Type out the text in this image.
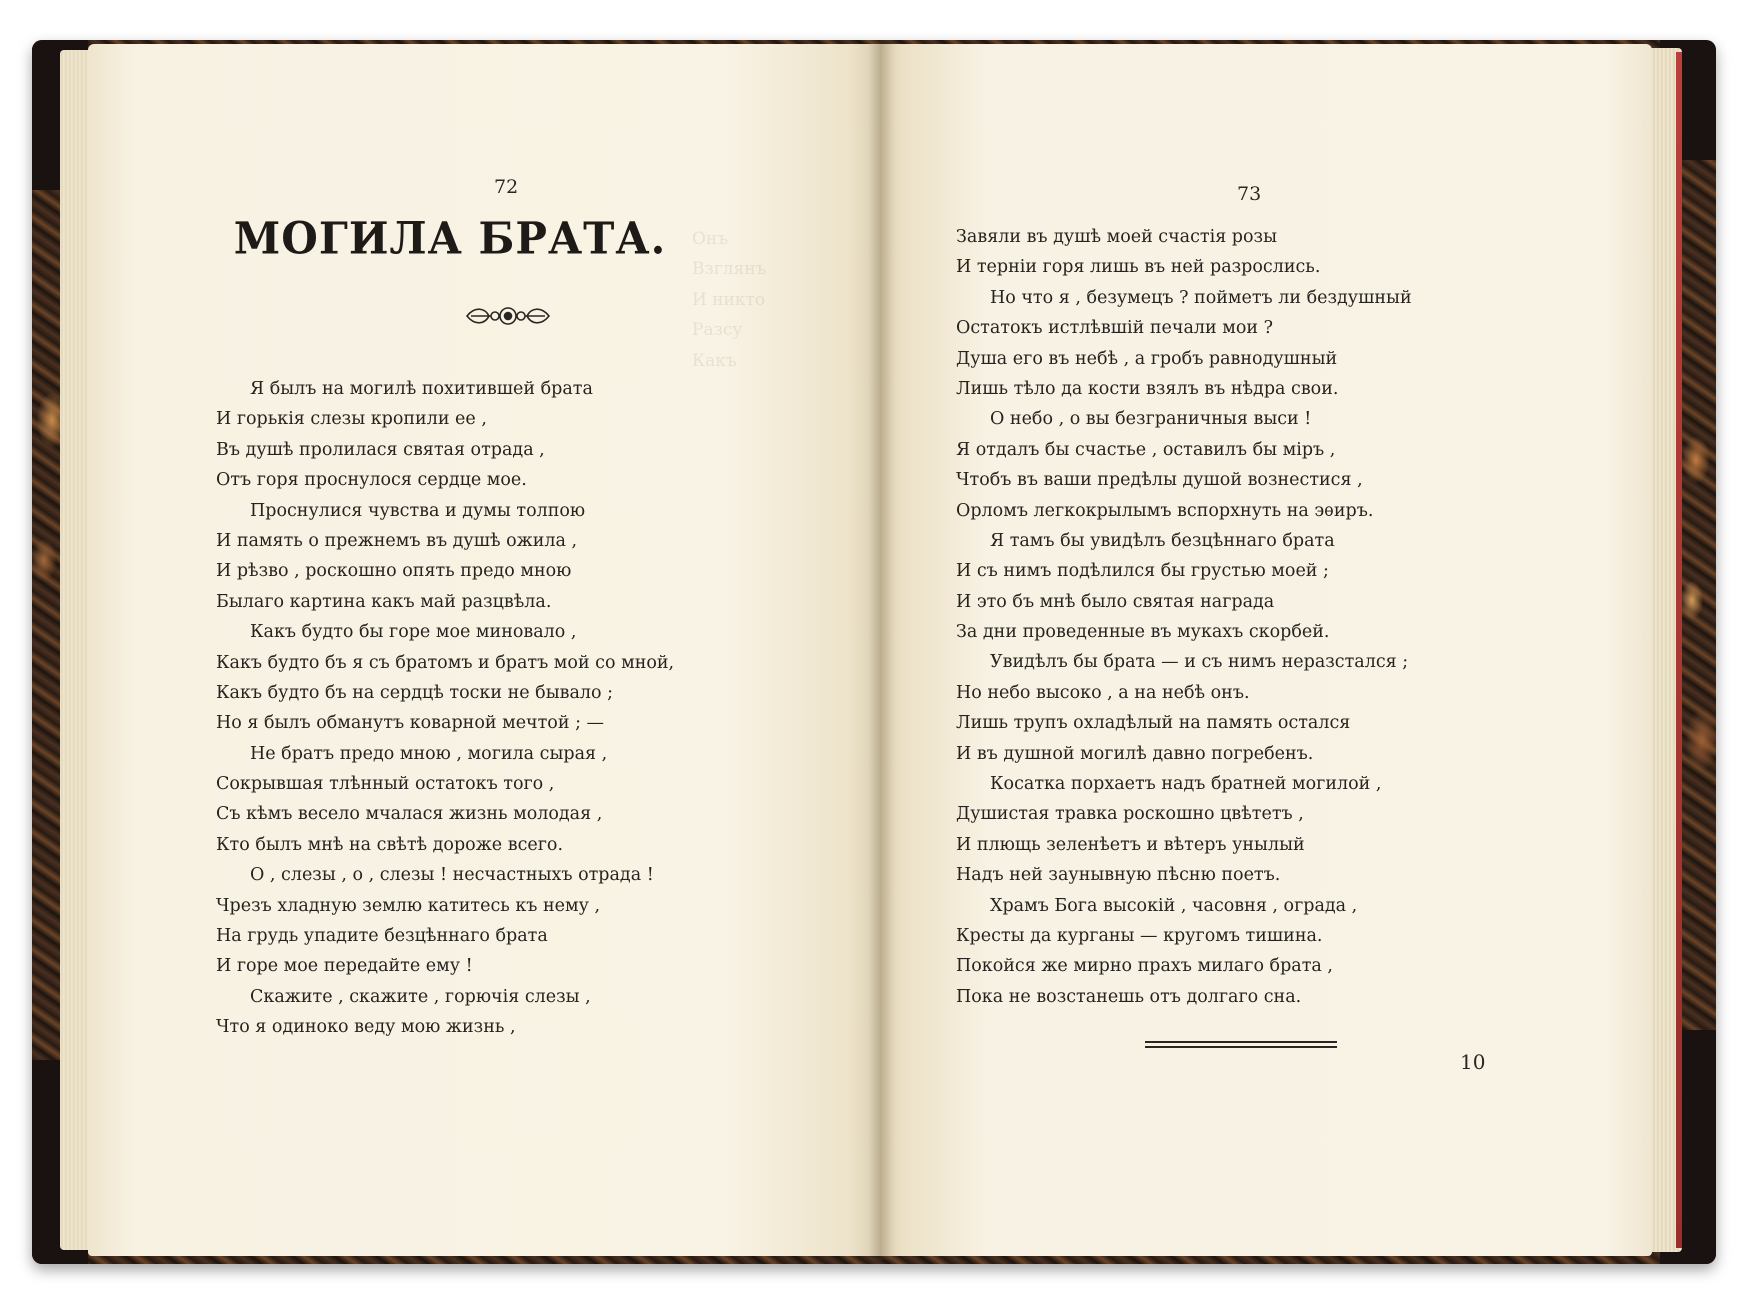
Онъ
Взглянъ
И никто
Разсу
Какъ
72	73
МОГИЛА БРАТА.
Я былъ на могилѣ похитившей брата
И горькія слезы кропили ее ,
Въ душѣ пролилася святая отрада ,
Отъ горя проснулося сердце мое.
Проснулися чувства и думы толпою
И память о прежнемъ въ душѣ ожила ,
И рѣзво , роскошно опять предо мною
Былаго картина какъ май разцвѣла.
Какъ будто бы горе мое миновало ,
Какъ будто бъ я съ братомъ и братъ мой со мной,
Какъ будто бъ на сердцѣ тоски не бывало ;
Но я былъ обманутъ коварной мечтой ; —
Не братъ предо мною , могила сырая ,
Сокрывшая тлѣнный остатокъ того ,
Съ кѣмъ весело мчалася жизнь молодая ,
Кто былъ мнѣ на свѣтѣ дороже всего.
О , слезы , о , слезы ! несчастныхъ отрада !
Чрезъ хладную землю катитесь къ нему ,
На грудь упадите безцѣннаго брата
И горе мое передайте ему !
Скажите , скажите , горючія слезы ,
Что я одиноко веду мою жизнь ,
Завяли въ душѣ моей счастія розы
И терніи горя лишь въ ней разрослись.
Но что я , безумецъ ? пойметъ ли бездушный
Остатокъ истлѣвшій печали мои ?
Душа его въ небѣ , а гробъ равнодушный
Лишь тѣло да кости взялъ въ нѣдра свои.
О небо , о вы безграничныя выси !
Я отдалъ бы счастье , оставилъ бы міръ ,
Чтобъ въ ваши предѣлы душой вознестися ,
Орломъ легкокрылымъ вспорхнуть на эѳиръ.
Я тамъ бы увидѣлъ безцѣннаго брата
И съ нимъ подѣлился бы грустью моей ;
И это бъ мнѣ было святая награда
За дни проведенные въ мукахъ скорбей.
Увидѣлъ бы брата — и съ нимъ неразстался ;
Но небо высоко , а на небѣ онъ.
Лишь трупъ охладѣлый на память остался
И въ душной могилѣ давно погребенъ.
Косатка порхаетъ надъ братней могилой ,
Душистая травка роскошно цвѣтетъ ,
И плющь зеленѣетъ и вѣтеръ унылый
Надъ ней заунывную пѣсню поетъ.
Храмъ Бога высокій , часовня , ограда ,
Кресты да курганы — кругомъ тишина.
Покойся же мирно прахъ милаго брата ,
Пока не возстанешь отъ долгаго сна.
10
